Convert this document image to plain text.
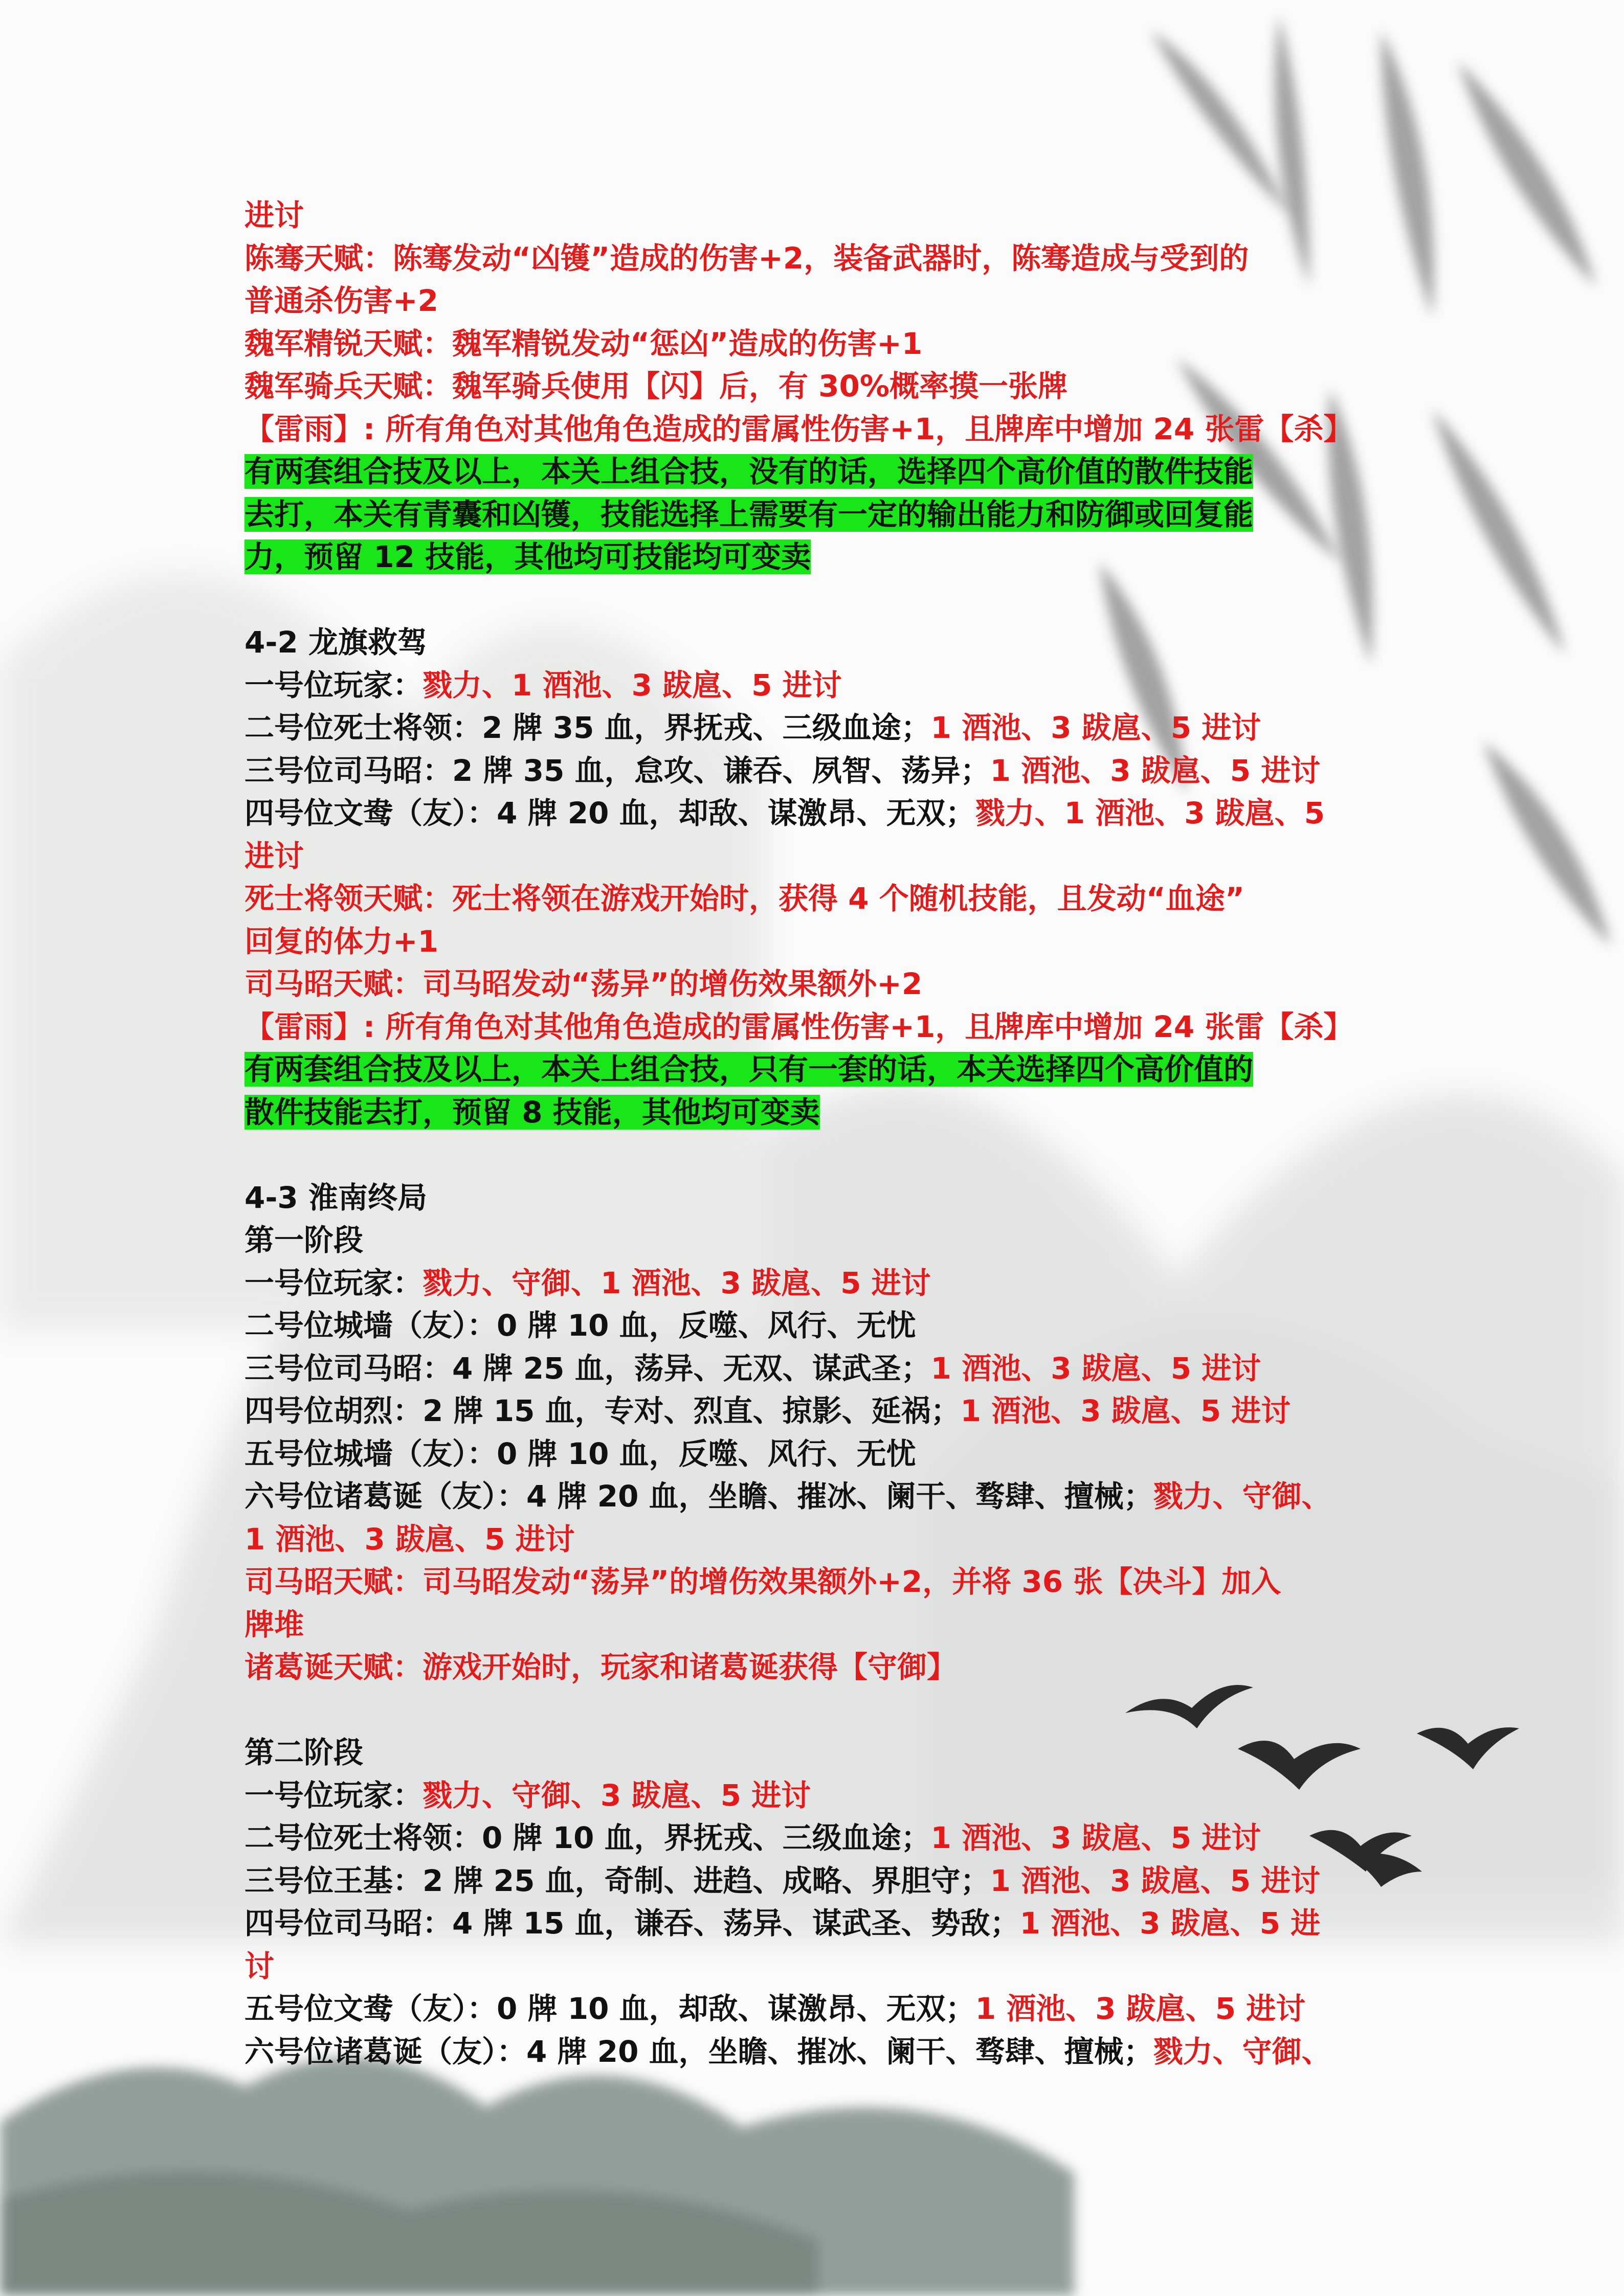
进讨
陈骞天赋：陈骞发动“凶镬”造成的伤害+2，装备武器时，陈骞造成与受到的
普通杀伤害+2
魏军精锐天赋：魏军精锐发动“惩凶”造成的伤害+1
魏军骑兵天赋：魏军骑兵使用【闪】后，有 30%概率摸一张牌
【雷雨】: 所有角色对其他角色造成的雷属性伤害+1，且牌库中增加 24 张雷【杀】
有两套组合技及以上，本关上组合技，没有的话，选择四个高价值的散件技能
去打，本关有青囊和凶镬，技能选择上需要有一定的输出能力和防御或回复能
力，预留 12 技能，其他均可技能均可变卖
4-2 龙旗救驾
一号位玩家：戮力、1 酒池、3 跋扈、5 进讨
二号位死士将领：2 牌 35 血，界抚戎、三级血途；1 酒池、3 跋扈、5 进讨
三号位司马昭：2 牌 35 血，怠攻、谦吞、夙智、荡异；1 酒池、3 跋扈、5 进讨
四号位文鸯（友）：4 牌 20 血，却敌、谋激昂、无双；戮力、1 酒池、3 跋扈、5
进讨
死士将领天赋：死士将领在游戏开始时，获得 4 个随机技能，且发动“血途”
回复的体力+1
司马昭天赋：司马昭发动“荡异”的增伤效果额外+2
【雷雨】: 所有角色对其他角色造成的雷属性伤害+1，且牌库中增加 24 张雷【杀】
有两套组合技及以上，本关上组合技，只有一套的话，本关选择四个高价值的
散件技能去打，预留 8 技能，其他均可变卖
4-3 淮南终局
第一阶段
一号位玩家：戮力、守御、1 酒池、3 跋扈、5 进讨
二号位城墙（友）：0 牌 10 血，反噬、风行、无忧
三号位司马昭：4 牌 25 血，荡异、无双、谋武圣；1 酒池、3 跋扈、5 进讨
四号位胡烈：2 牌 15 血，专对、烈直、掠影、延祸；1 酒池、3 跋扈、5 进讨
五号位城墙（友）：0 牌 10 血，反噬、风行、无忧
六号位诸葛诞（友）：4 牌 20 血，坐瞻、摧冰、阑干、骛肆、擅械；戮力、守御、
1 酒池、3 跋扈、5 进讨
司马昭天赋：司马昭发动“荡异”的增伤效果额外+2，并将 36 张【决斗】加入
牌堆
诸葛诞天赋：游戏开始时，玩家和诸葛诞获得【守御】
第二阶段
一号位玩家：戮力、守御、3 跋扈、5 进讨
二号位死士将领：0 牌 10 血，界抚戎、三级血途；1 酒池、3 跋扈、5 进讨
三号位王基：2 牌 25 血，奇制、进趋、成略、界胆守；1 酒池、3 跋扈、5 进讨
四号位司马昭：4 牌 15 血，谦吞、荡异、谋武圣、势敌；1 酒池、3 跋扈、5 进
讨
五号位文鸯（友）：0 牌 10 血，却敌、谋激昂、无双；1 酒池、3 跋扈、5 进讨
六号位诸葛诞（友）：4 牌 20 血，坐瞻、摧冰、阑干、骛肆、擅械；戮力、守御、
